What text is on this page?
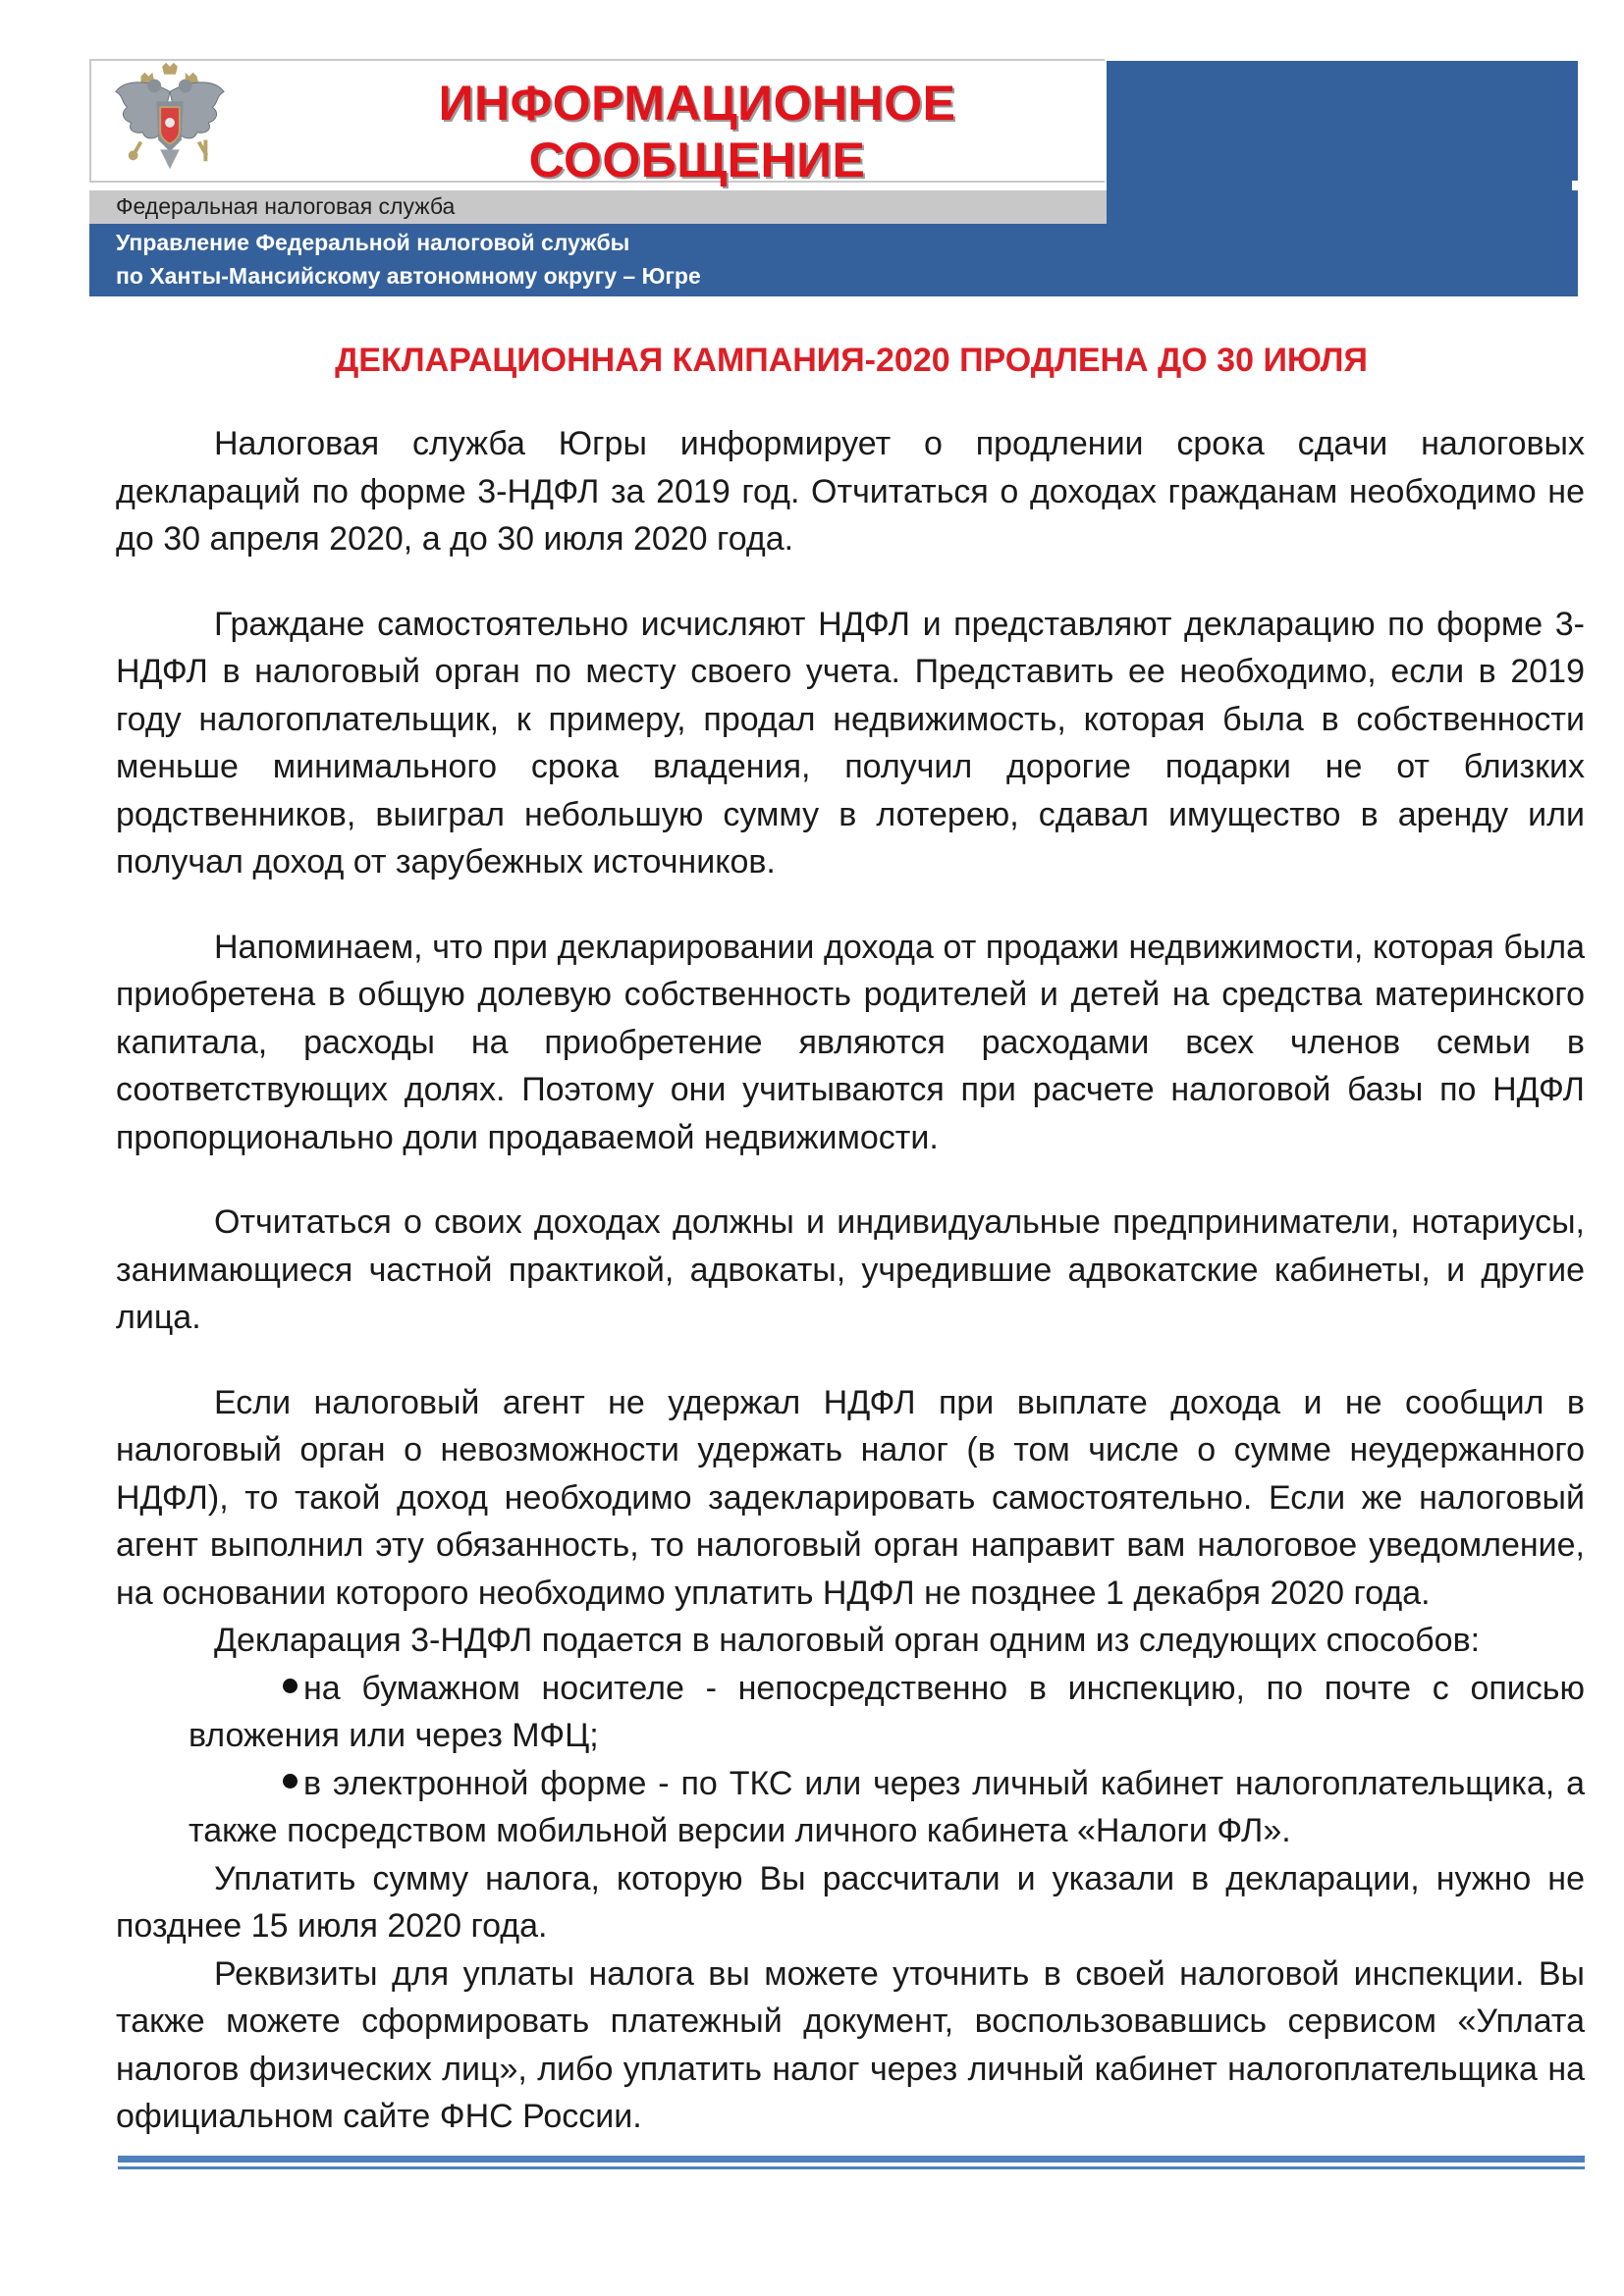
ИНФОРМАЦИОННОЕ СООБЩЕНИЕ
Федеральная налоговая служба
Управление Федеральной налоговой службы
по Ханты-Мансийскому автономному округу – Югре
ДЕКЛАРАЦИОННАЯ КАМПАНИЯ-2020 ПРОДЛЕНА ДО 30 ИЮЛЯ

Налоговая служба Югры информирует о продлении срока сдачи налоговых деклараций по форме 3-НДФЛ за 2019 год. Отчитаться о доходах гражданам необходимо не до 30 апреля 2020, а до 30 июля 2020 года.

Граждане самостоятельно исчисляют НДФЛ и представляют декларацию по форме 3-НДФЛ в налоговый орган по месту своего учета. Представить ее необходимо, если в 2019 году налогоплательщик, к примеру, продал недвижимость, которая была в собственности меньше минимального срока владения, получил дорогие подарки не от близких родственников, выиграл небольшую сумму в лотерею, сдавал имущество в аренду или получал доход от зарубежных источников.

Напоминаем, что при декларировании дохода от продажи недвижимости, которая была приобретена в общую долевую собственность родителей и детей на средства материнского капитала, расходы на приобретение являются расходами всех членов семьи в соответствующих долях. Поэтому они учитываются при расчете налоговой базы по НДФЛ пропорционально доли продаваемой недвижимости.

Отчитаться о своих доходах должны и индивидуальные предприниматели, нотариусы, занимающиеся частной практикой, адвокаты, учредившие адвокатские кабинеты, и другие лица.

Если налоговый агент не удержал НДФЛ при выплате дохода и не сообщил в налоговый орган о невозможности удержать налог (в том числе о сумме неудержанного НДФЛ), то такой доход необходимо задекларировать самостоятельно. Если же налоговый агент выполнил эту обязанность, то налоговый орган направит вам налоговое уведомление, на основании которого необходимо уплатить НДФЛ не позднее 1 декабря 2020 года.

Декларация 3-НДФЛ подается в налоговый орган одним из следующих способов:

на бумажном носителе - непосредственно в инспекцию, по почте с описью вложения или через МФЦ;

в электронной форме - по ТКС или через личный кабинет налогоплательщика, а также посредством мобильной версии личного кабинета «Налоги ФЛ».

Уплатить сумму налога, которую Вы рассчитали и указали в декларации, нужно не позднее 15 июля 2020 года.

Реквизиты для уплаты налога вы можете уточнить в своей налоговой инспекции. Вы также можете сформировать платежный документ, воспользовавшись сервисом «Уплата налогов физических лиц», либо уплатить налог через личный кабинет налогоплательщика на официальном сайте ФНС России.
